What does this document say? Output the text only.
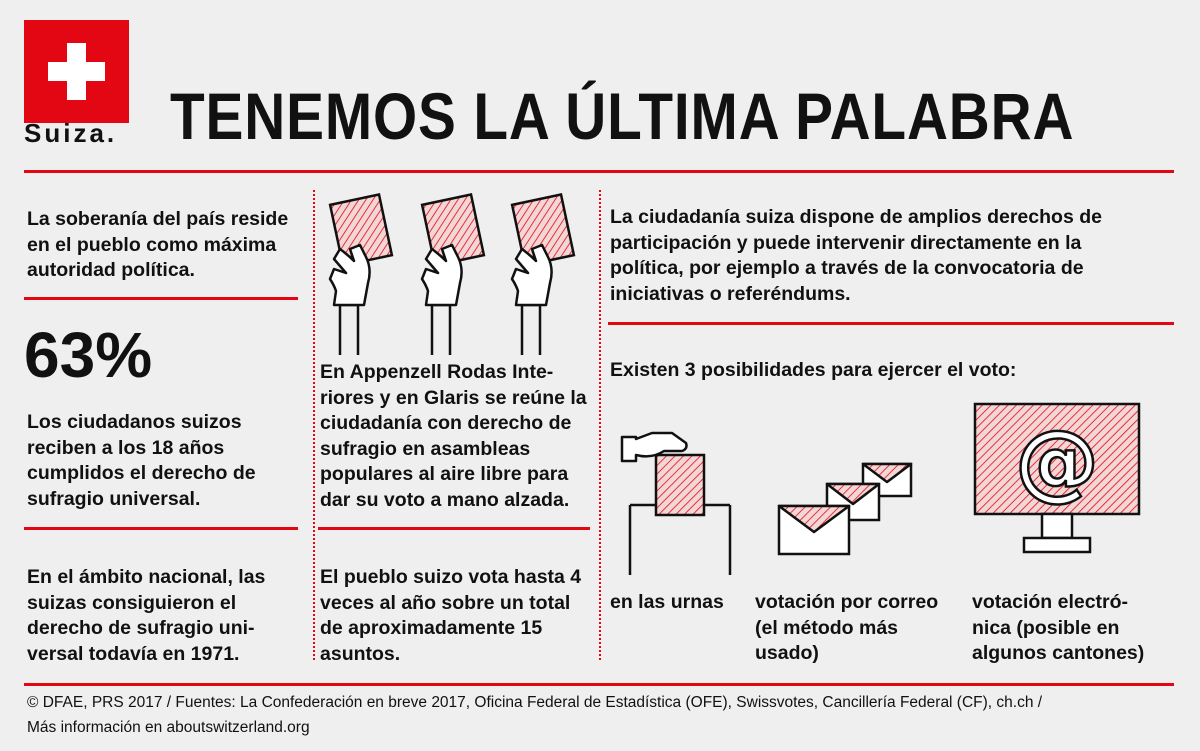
Suiza. TENEMOS LA ÚLTIMA PALABRA
La soberanía del país reside en el pueblo como máxima autoridad política.
63%
Los ciudadanos suizos reciben a los 18 años cumplidos el derecho de sufragio universal.
En el ámbito nacional, las suizas consiguieron el derecho de sufragio uni- versal todavía en 1971.
En Appenzell Rodas Inte- riores y en Glaris se reúne la ciudadanía con derecho de sufragio en asambleas populares al aire libre para dar su voto a mano alzada.
El pueblo suizo vota hasta 4 veces al año sobre un total de aproximadamente 15 asuntos.
La ciudadanía suiza dispone de amplios derechos de participación y puede intervenir directamente en la política, por ejemplo a través de la convocatoria de iniciativas o referéndums.
Existen 3 posibilidades para ejercer el voto:
@
en las urnas	votación por correo (el método más usado)
votación electró- nica (posible en algunos cantones)
© DFAE, PRS 2017 / Fuentes: La Confederación en breve 2017, Oficina Federal de Estadística (OFE), Swissvotes, Cancillería Federal (CF), ch.ch /
Más información en aboutswitzerland.org
